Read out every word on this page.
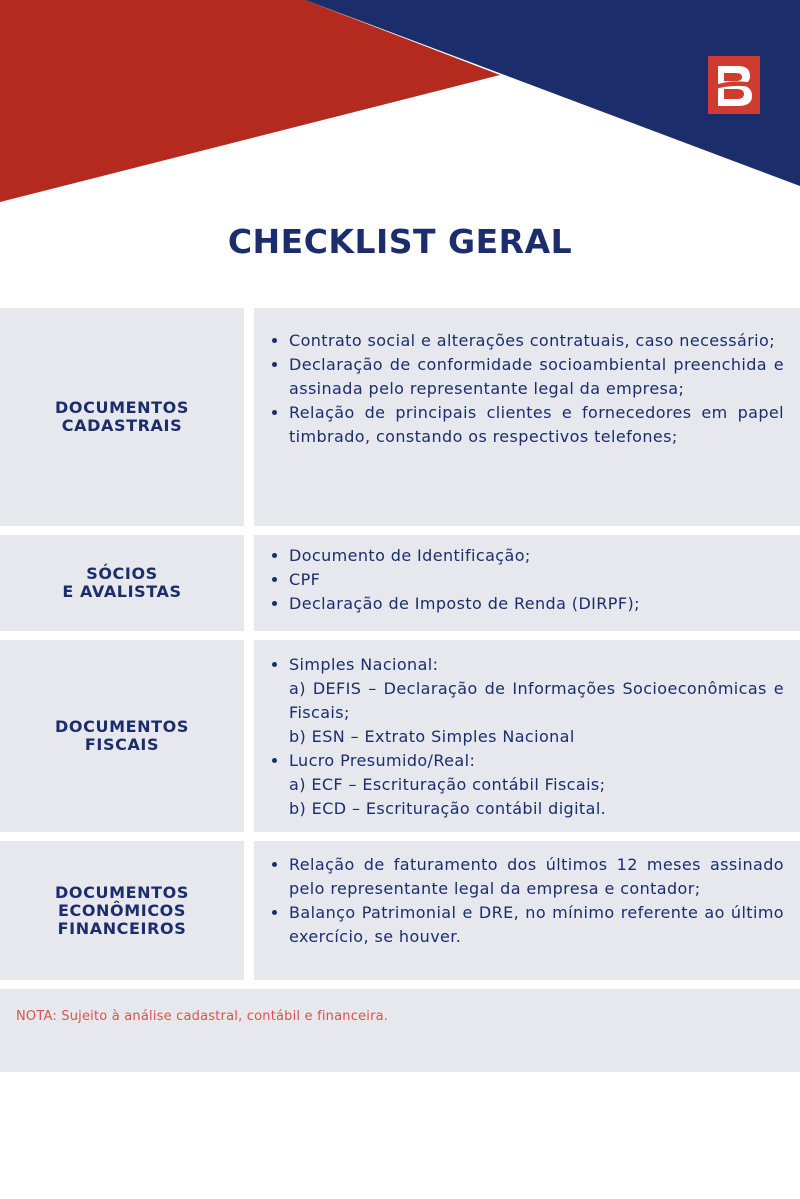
CHECKLIST GERAL
DOCUMENTOS
CADASTRAIS
• Contrato social e alterações contratuais, caso necessário;
• Declaração de conformidade socioambiental preenchida e assinada pelo representante legal da empresa;
• Relação de principais clientes e fornecedores em papel timbrado, constando os respectivos telefones;
SÓCIOS
E AVALISTAS
• Documento de Identificação;
• CPF
• Declaração de Imposto de Renda (DIRPF);
DOCUMENTOS
FISCAIS
• Simples Nacional:
a) DEFIS – Declaração de Informações Socioeconômicas e Fiscais;
b) ESN – Extrato Simples Nacional
• Lucro Presumido/Real:
a) ECF – Escrituração contábil Fiscais;
b) ECD – Escrituração contábil digital.
DOCUMENTOS
ECONÔMICOS
FINANCEIROS
• Relação de faturamento dos últimos 12 meses assinado pelo representante legal da empresa e contador;
• Balanço Patrimonial e DRE, no mínimo referente ao último exercício, se houver.
NOTA: Sujeito à análise cadastral, contábil e financeira.
